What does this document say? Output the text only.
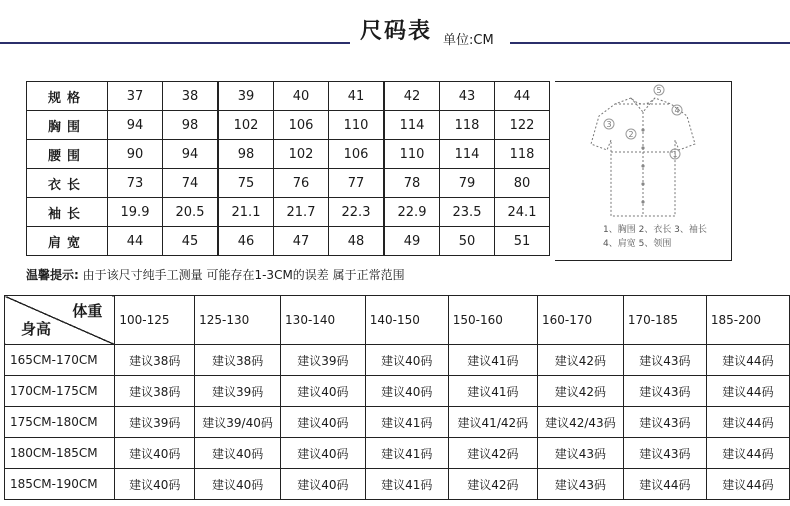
尺码表 单位:CM
规格	37	38	39	40	41	42	43	44
胸围	94	98	102	106	110	114	118	122
腰围	90	94	98	102	106	110	114	118
衣长	73	74	75	76	77	78	79	80
袖长	19.9	20.5	21.1	21.7	22.3	22.9	23.5	24.1
肩宽	44	45	46	47	48	49	50	51
5
3
2
4
1
1、胸围 2、衣长 3、袖长
4、肩宽 5、领围
温馨提示: 由于该尺寸纯手工测量 可能存在1-3CM的误差 属于正常范围
体重
身高	100-125	125-130	130-140	140-150	150-160	160-170	170-185	185-200
165CM-170CM	建议38码	建议38码	建议39码	建议40码	建议41码	建议42码	建议43码	建议44码
170CM-175CM	建议38码	建议39码	建议40码	建议40码	建议41码	建议42码	建议43码	建议44码
175CM-180CM	建议39码	建议39/40码	建议40码	建议41码	建议41/42码	建议42/43码	建议43码	建议44码
180CM-185CM	建议40码	建议40码	建议40码	建议41码	建议42码	建议43码	建议43码	建议44码
185CM-190CM	建议40码	建议40码	建议40码	建议41码	建议42码	建议43码	建议44码	建议44码
